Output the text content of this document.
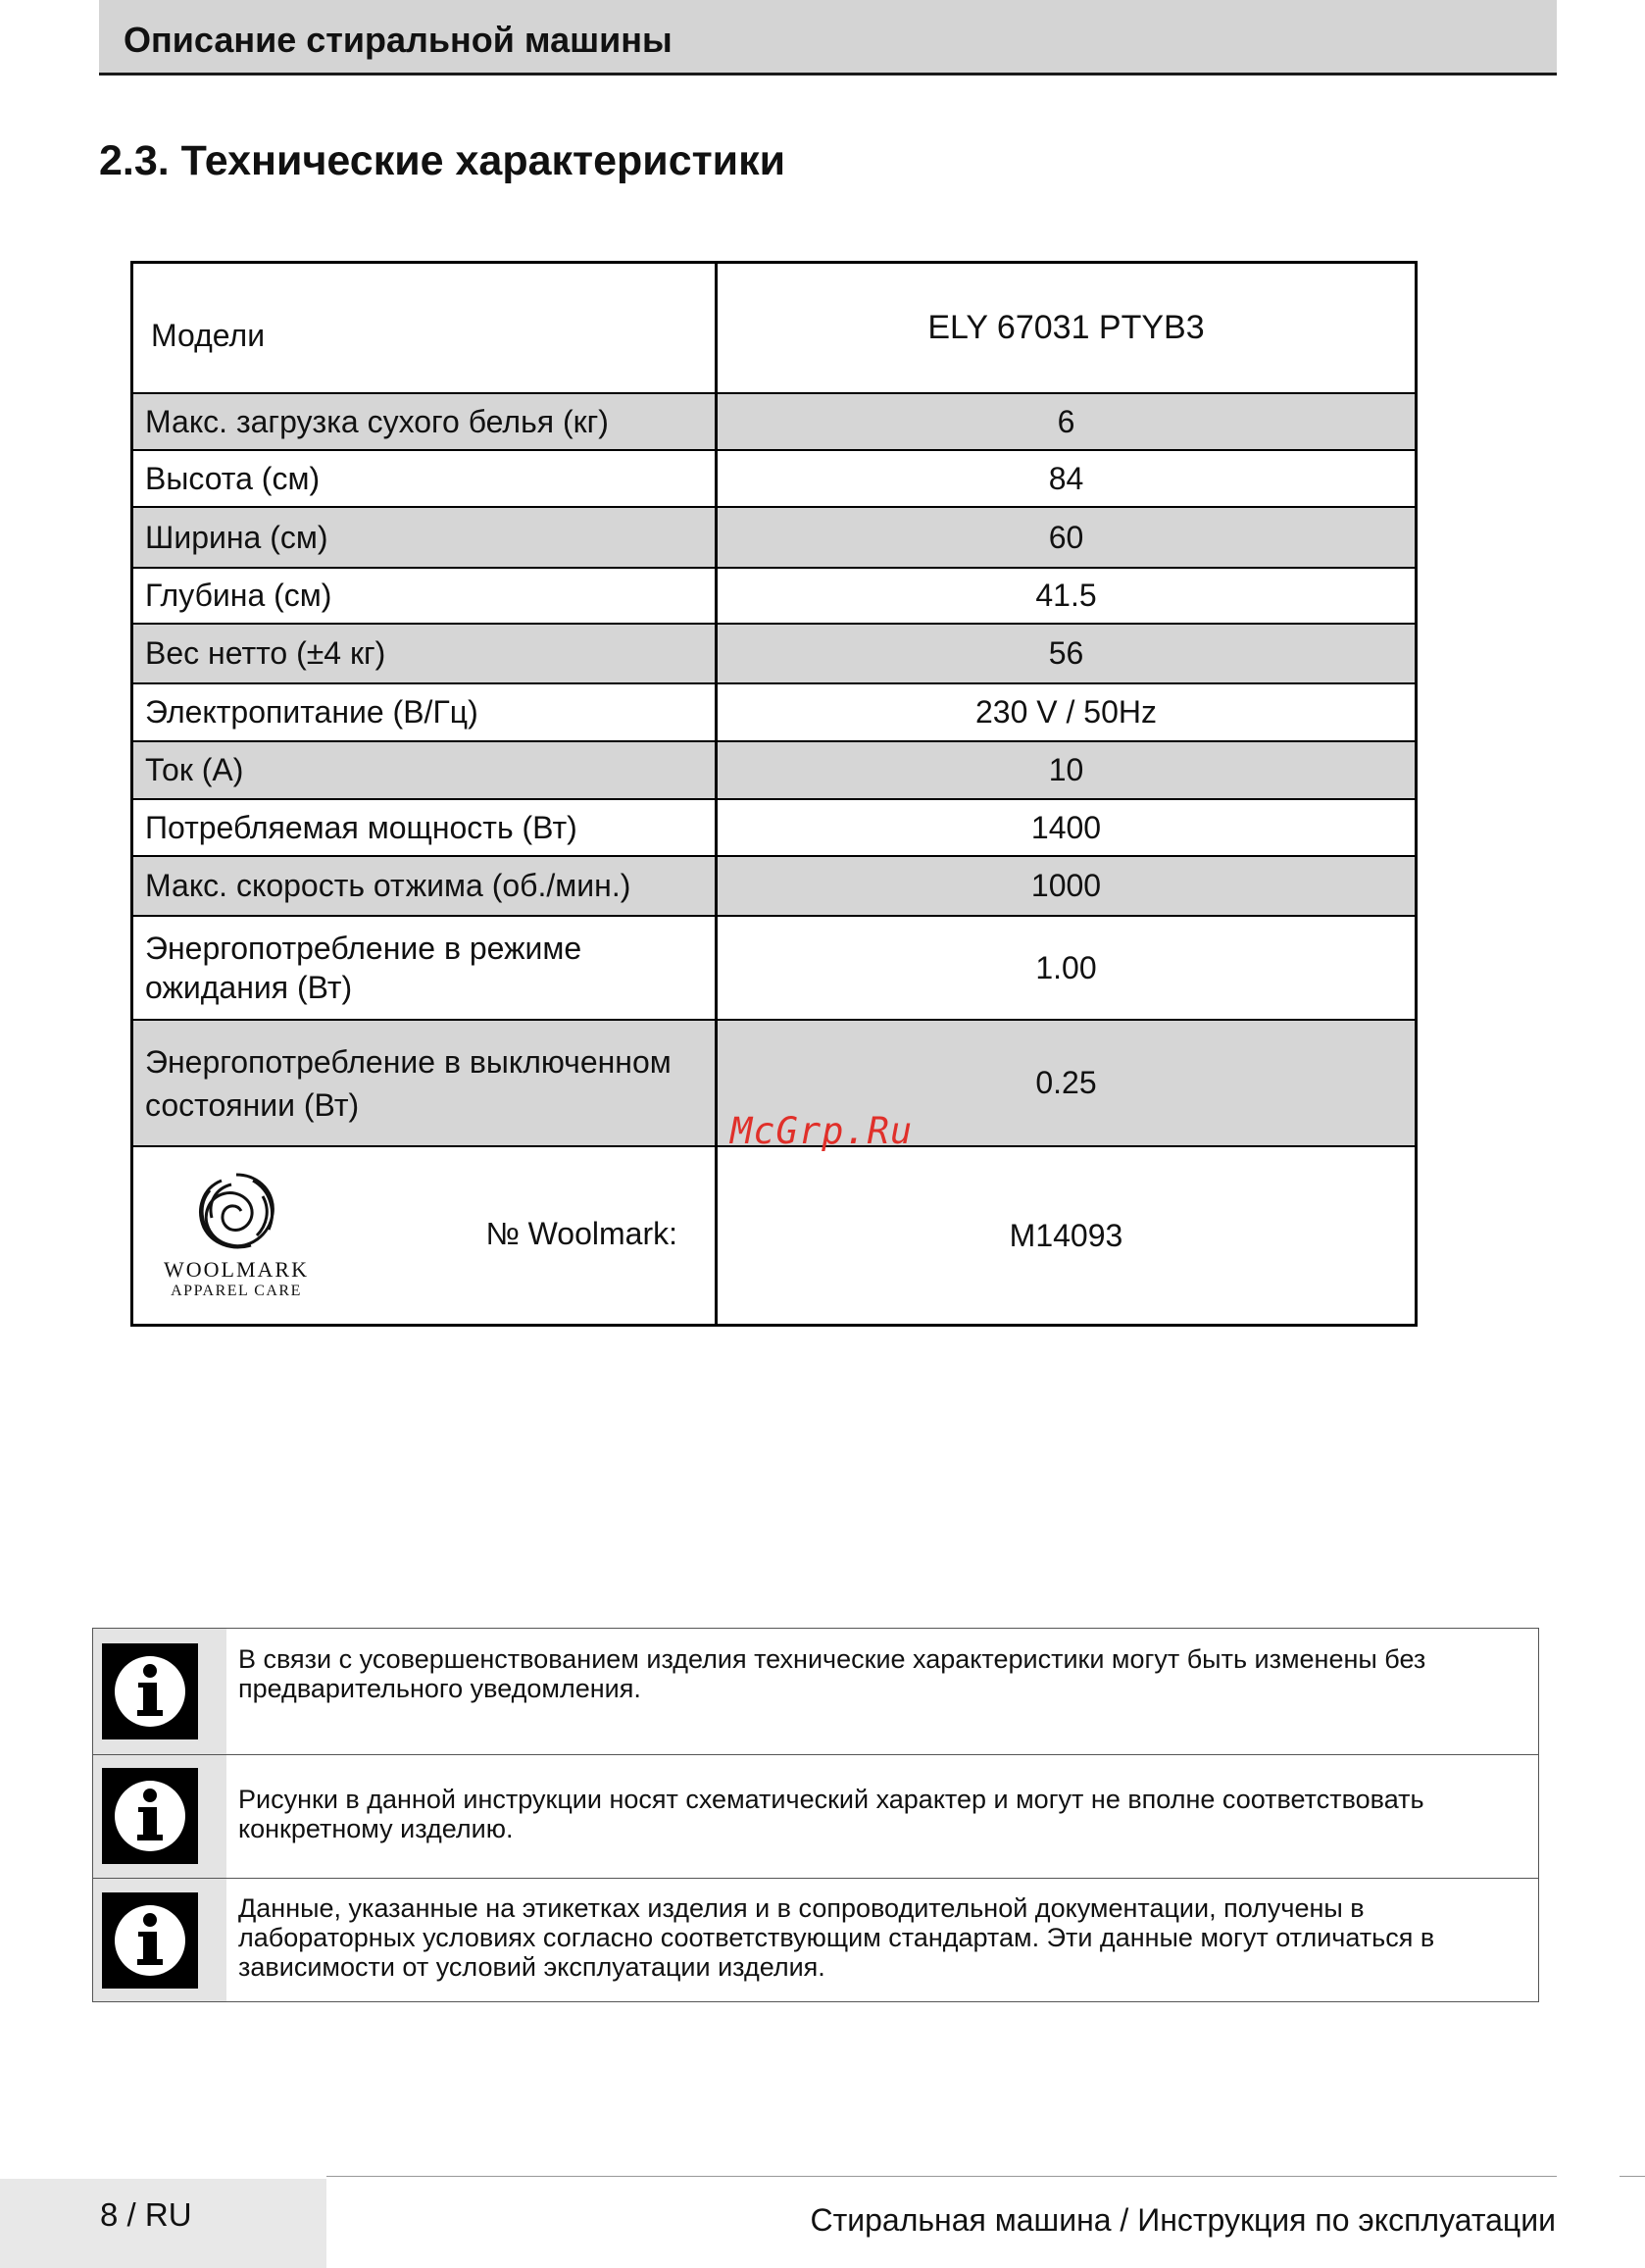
Описание стиральной машины
2.3. Технические характеристики
Модели	ELY 67031 PTYB3
Макс. загрузка сухого белья (кг)	6
Высота (см)	84
Ширина (см)	60
Глубина (см)	41.5
Вес нетто (±4 кг)	56
Электропитание (В/Гц)	230 V / 50Hz
Ток (A)	10
Потребляемая мощность (Вт)	1400
Макс. скорость отжима (об./мин.)	1000
Энергопотребление в режиме ожидания (Вт)	1.00
Энергопотребление в выключенном состоянии (Вт)	0.25

WOOLMARK
APPAREL CARE
№ Woolmark:	M14093
McGrp.Ru
В связи с усовершенствованием изделия технические характеристики могут быть изменены без предварительного уведомления.
Рисунки в данной инструкции носят схематический характер и могут не вполне соответствовать конкретному изделию.
Данные, указанные на этикетках изделия и в сопроводительной документации, получены в лабораторных условиях согласно соответствующим стандартам. Эти данные могут отличаться в зависимости от условий эксплуатации изделия.
8 / RU	Стиральная машина / Инструкция по эксплуатации
